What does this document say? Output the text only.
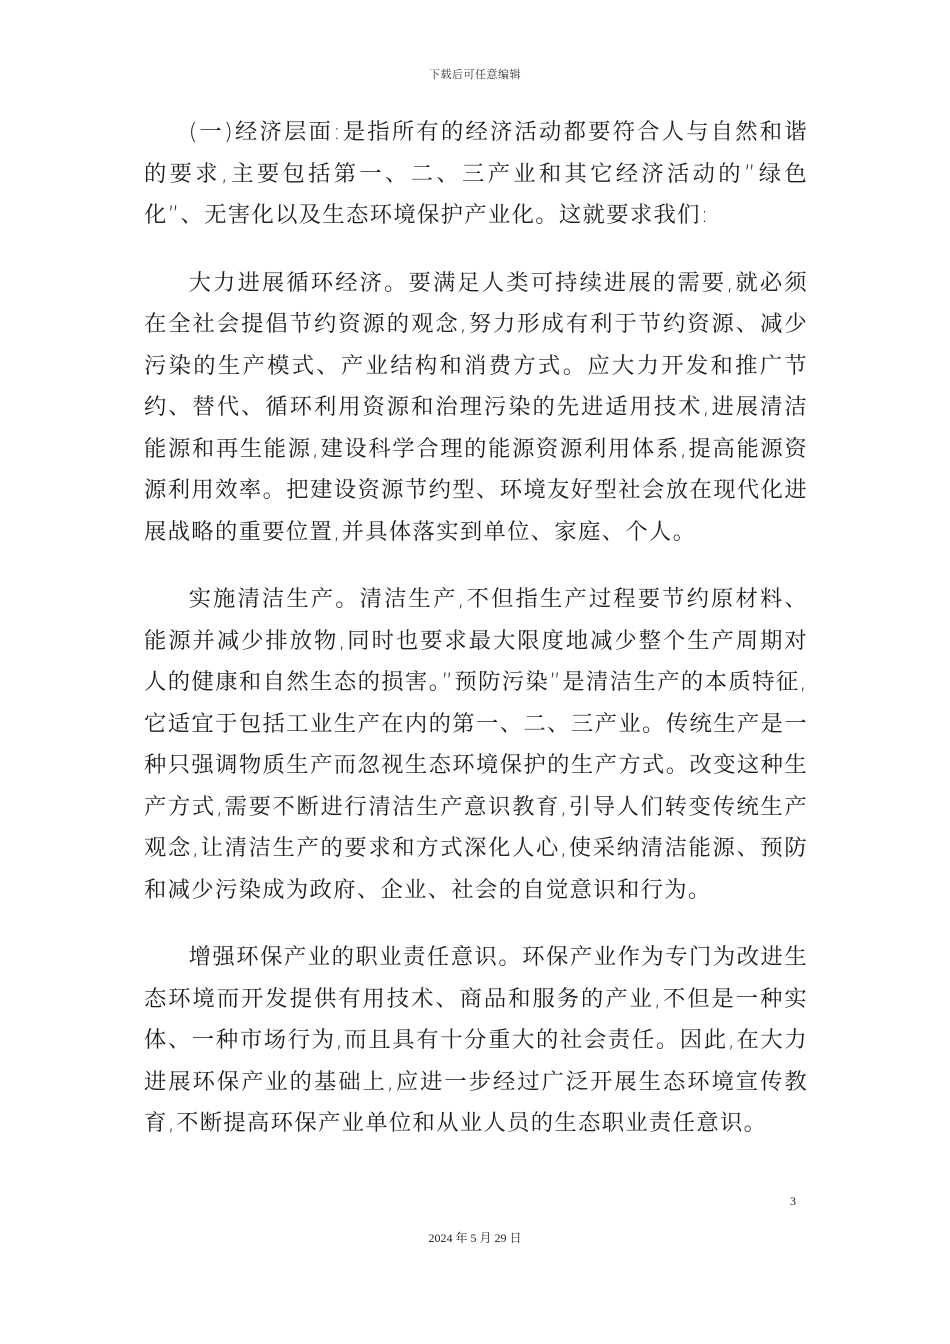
下载后可任意编辑

(一)经济层面:是指所有的经济活动都要符合人与自然和谐的要求,主要包括第一、二、三产业和其它经济活动的”绿色化”、无害化以及生态环境保护产业化。这就要求我们:

大力进展循环经济。要满足人类可持续进展的需要,就必须在全社会提倡节约资源的观念,努力形成有利于节约资源、减少污染的生产模式、产业结构和消费方式。应大力开发和推广节约、替代、循环利用资源和治理污染的先进适用技术,进展清洁能源和再生能源,建设科学合理的能源资源利用体系,提高能源资源利用效率。把建设资源节约型、环境友好型社会放在现代化进展战略的重要位置,并具体落实到单位、家庭、个人。

实施清洁生产。清洁生产,不但指生产过程要节约原材料、能源并减少排放物,同时也要求最大限度地减少整个生产周期对人的健康和自然生态的损害。”预防污染”是清洁生产的本质特征,它适宜于包括工业生产在内的第一、二、三产业。传统生产是一种只强调物质生产而忽视生态环境保护的生产方式。改变这种生产方式,需要不断进行清洁生产意识教育,引导人们转变传统生产观念,让清洁生产的要求和方式深化人心,使采纳清洁能源、预防和减少污染成为政府、企业、社会的自觉意识和行为。

增强环保产业的职业责任意识。环保产业作为专门为改进生态环境而开发提供有用技术、商品和服务的产业,不但是一种实体、一种市场行为,而且具有十分重大的社会责任。因此,在大力进展环保产业的基础上,应进一步经过广泛开展生态环境宣传教育,不断提高环保产业单位和从业人员的生态职业责任意识。

3
2024 年 5 月 29 日
